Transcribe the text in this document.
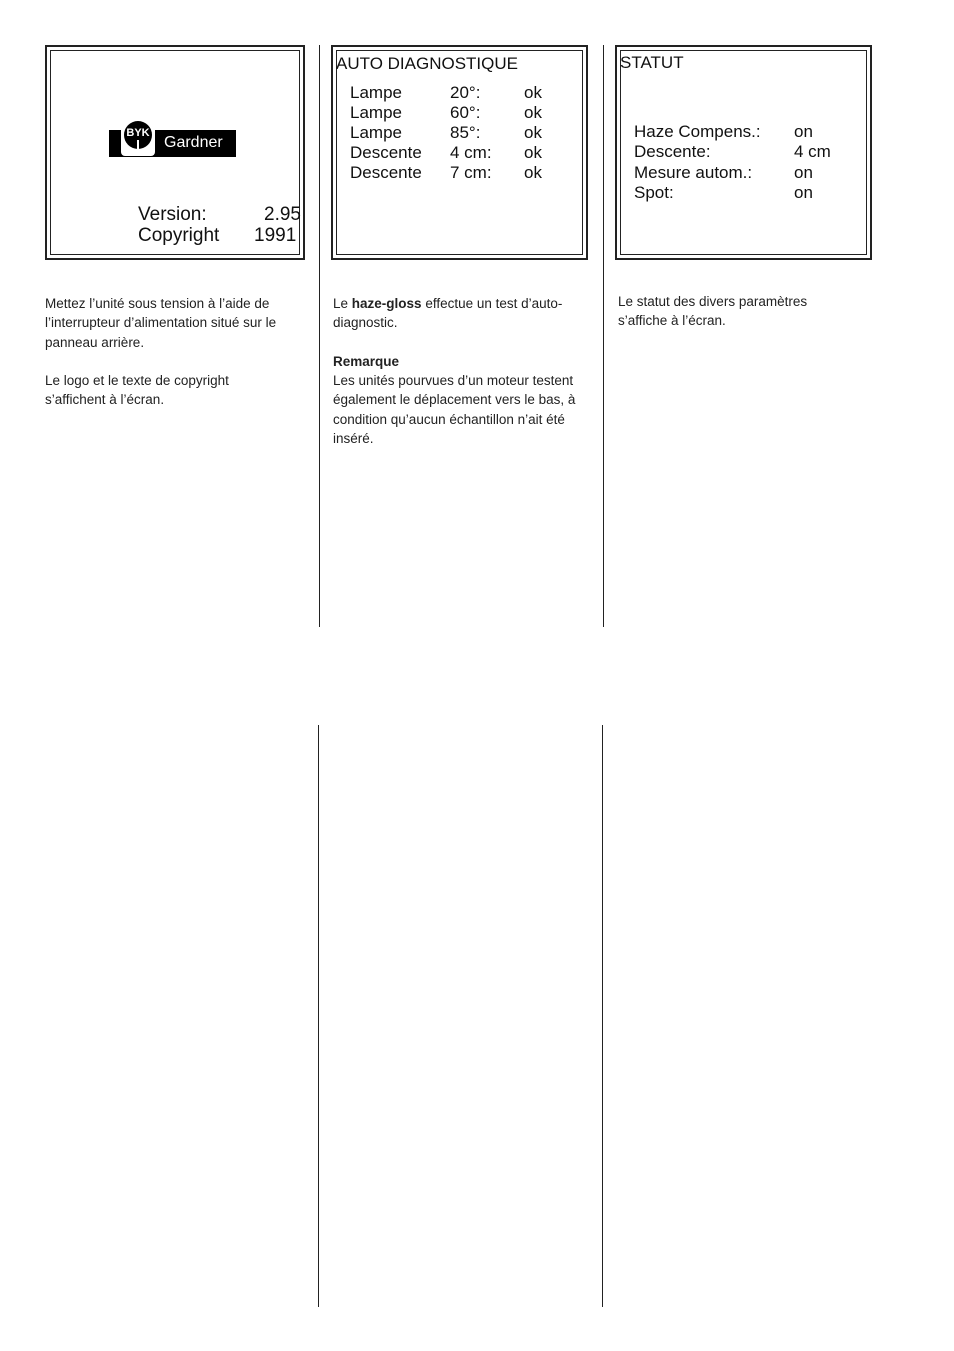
BYK
Gardner
Version:	2.95
Copyright 1991
AUTO DIAGNOSTIQUE
Lampe	20°:	ok
Lampe	60°:	ok
Lampe	85°:	ok
Descente 4 cm: ok
Descente 7 cm: ok
STATUT
Haze Compens.: on
Descente:	4 cm
Mesure autom.: on
Spot:	on
Mettez l’unité sous tension à l’aide de l’interrupteur d’alimentation situé sur le panneau arrière.
Le logo et le texte de copyright s’affichent à l’écran.
Le haze-gloss effectue un test d’auto-diagnostic.
Remarque
Les unités pourvues d’un moteur testent également le déplacement vers le bas, à condition qu’aucun échantillon n’ait été inséré.
Le statut des divers paramètres s’affiche à l’écran.
